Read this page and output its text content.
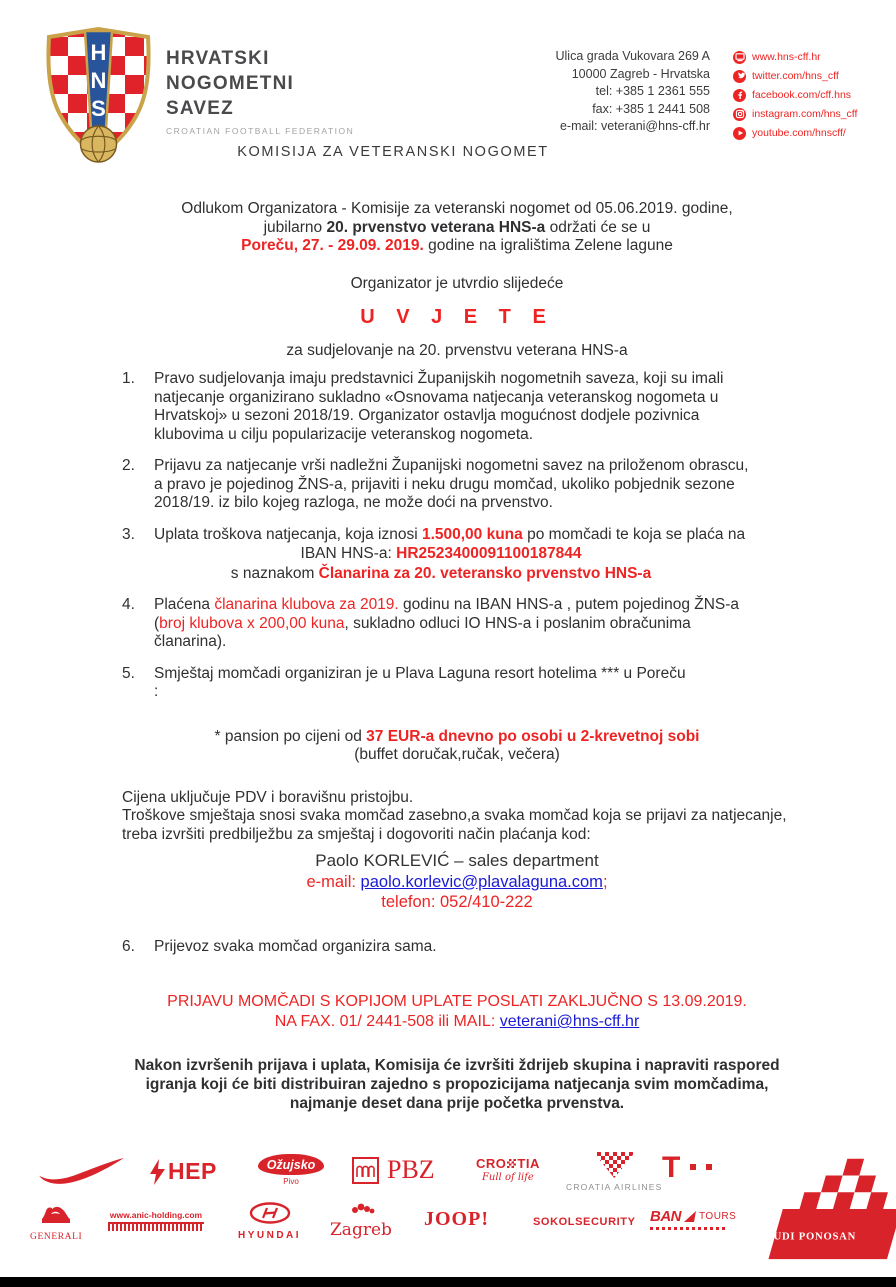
H
N
S
HRVATSKI
NOGOMETNI
SAVEZ
CROATIAN FOOTBALL FEDERATION
Ulica grada Vukovara 269 A
10000 Zagreb - Hrvatska
tel: +385 1 2361 555
fax: +385 1 2441 508
e-mail: veterani@hns-cff.hr
www.hns-cff.hr
twitter.com/hns_cff
facebook.com/cff.hns
instagram.com/hns_cff
youtube.com/hnscff/
KOMISIJA ZA VETERANSKI NOGOMET

Odlukom Organizatora - Komisije za veteranski nogomet od 05.06.2019. godine,
jubilarno 20. prvenstvo veterana HNS-a održati će se u
Poreču, 27. - 29.09. 2019. godine na igralištima Zelene lagune

Organizator je utvrdio slijedeće

U V J E T E

za sudjelovanje na 20. prvenstvu veterana HNS-a

1.	Pravo sudjelovanja imaju predstavnici Županijskih nogometnih saveza, koji su imali natjecanje organizirano sukladno «Osnovama natjecanja veteranskog nogometa u Hrvatskoj» u sezoni 2018/19. Organizator ostavlja mogućnost dodjele pozivnica klubovima u cilju popularizacije veteranskog nogometa.
2.	Prijavu za natjecanje vrši nadležni Županijski nogometni savez na priloženom obrascu, a pravo je pojedinog ŽNS-a, prijaviti i neku drugu momčad, ukoliko pobjednik sezone 2018/19. iz bilo kojeg razloga, ne može doći na prvenstvo.
3.	Uplata troškova natjecanja, koja iznosi 1.500,00 kuna po momčadi te koja se plaća na
IBAN HNS-a: HR2523400091100187844
s naznakom Članarina za 20. veteransko prvenstvo HNS-a
4.	Plaćena članarina klubova za 2019. godinu na IBAN HNS-a , putem pojedinog ŽNS-a (broj klubova x 200,00 kuna, sukladno odluci IO HNS-a i poslanim obračunima članarina).
5.	Smještaj momčadi organiziran je u Plava Laguna resort hotelima *** u Poreču
:
* pansion po cijeni od 37 EUR-a dnevno po osobi u 2-krevetnoj sobi
(buffet doručak,ručak, večera)

Cijena uključuje PDV i boravišnu pristojbu.
Troškove smještaja snosi svaka momčad zasebno,a svaka momčad koja se prijavi za natjecanje, treba izvršiti predbilježbu za smještaj i dogovoriti način plaćanja kod:

Paolo KORLEVIĆ – sales department
e-mail: paolo.korlevic@plavalaguna.com;
telefon: 052/410-222
6.	Prijevoz svaka momčad organizira sama.
PRIJAVU MOMČADI S KOPIJOM UPLATE POSLATI ZAKLJUČNO S 13.09.2019.
NA FAX. 01/ 2441-508 ili MAIL: veterani@hns-cff.hr

Nakon izvršenih prijava i uplata, Komisija će izvršiti ždrijeb skupina i napraviti raspored igranja koji će biti distribuiran zajedno s propozicijama natjecanja svim momčadima, najmanje deset dana prije početka prvenstva.

HEP	Ožujsko
Pivo	PBZ	CRO TIA
Full of life
CROATIA AIRLINES
T
GENERALI
www.anic-holding.com
HYUNDAI Zagreb JOOP!	SOKOLSECURITY BAN TOURS
BUDI PONOSAN
